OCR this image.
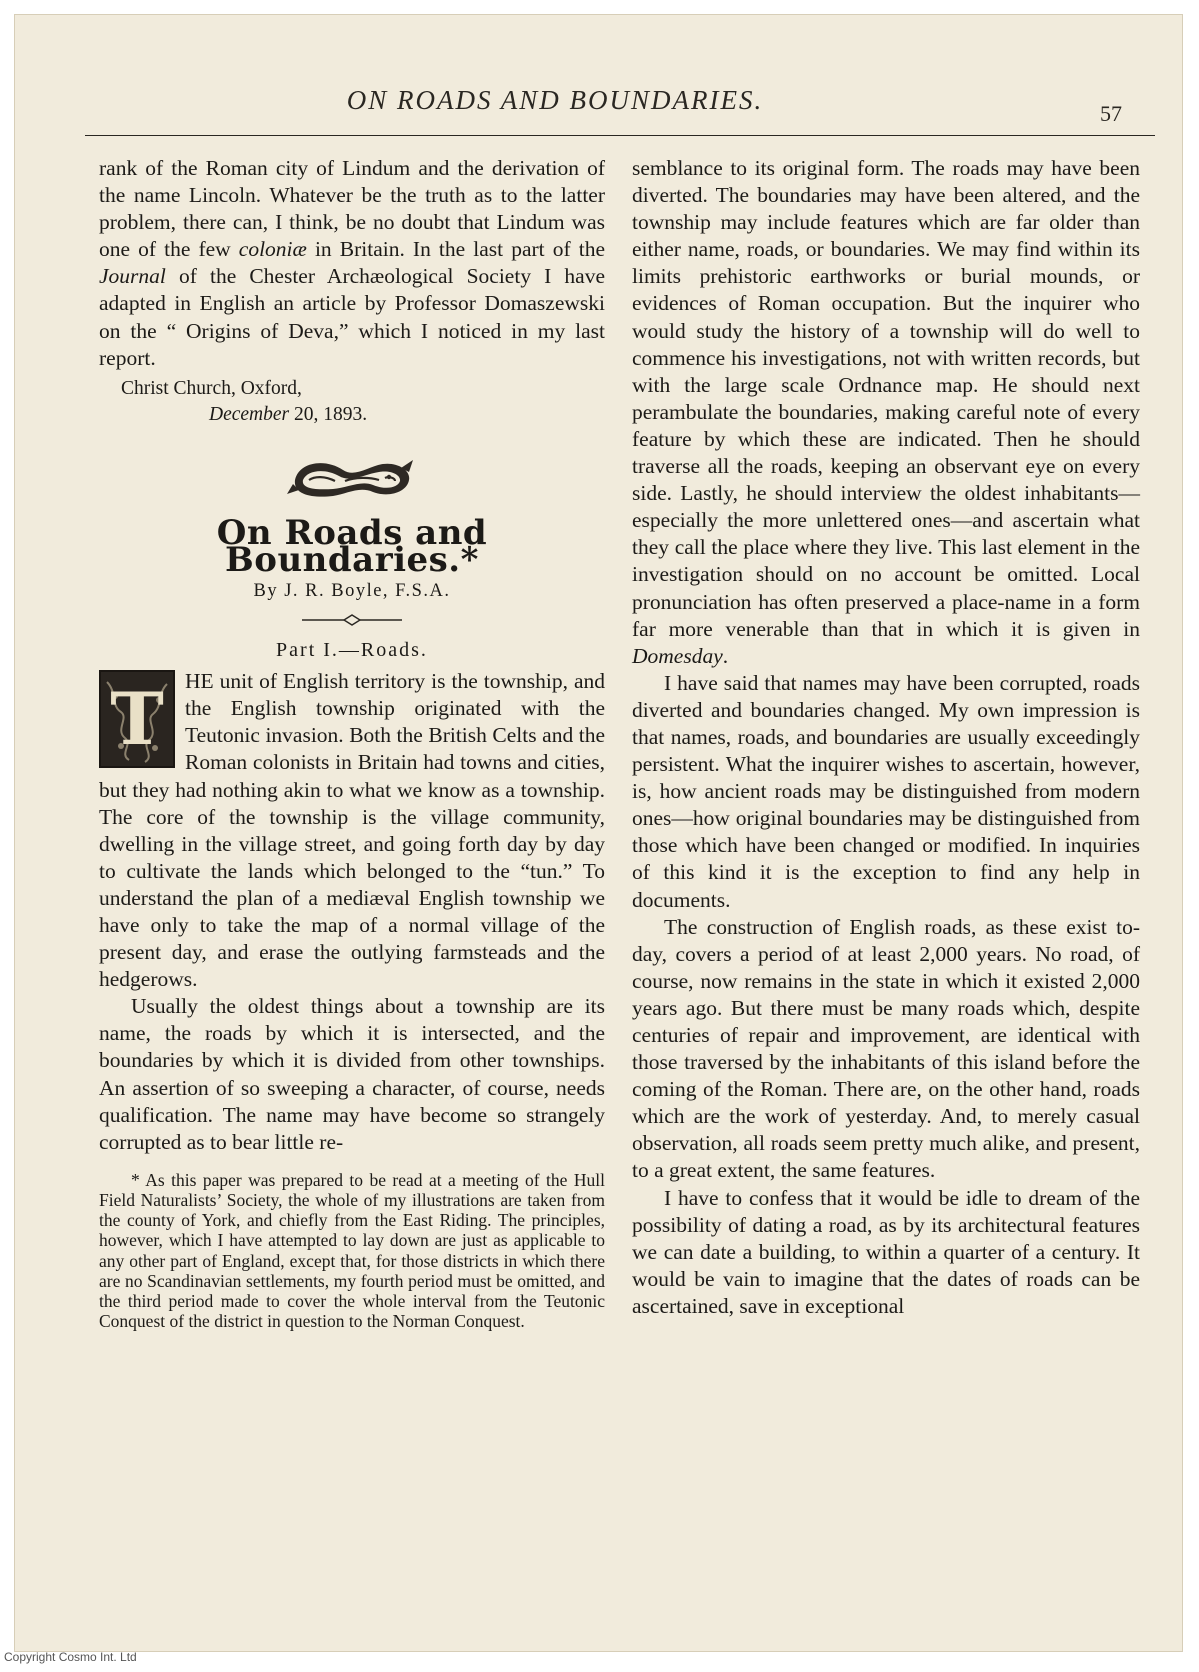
ON ROADS AND BOUNDARIES.	57

rank of the Roman city of Lindum and the derivation of the name Lincoln. Whatever be the truth as to the latter problem, there can, I think, be no doubt that Lindum was one of the few coloniæ in Britain. In the last part of the Journal of the Chester Archæological Society I have adapted in English an article by Professor Domaszewski on the “ Origins of Deva,” which I noticed in my last report.

Christ Church, Oxford,
December 20, 1893.

On Roads and Boundaries.*

By J. R. Boyle, F.S.A.

Part I.—Roads.

T HE unit of English territory is the township, and the English township originated with the Teutonic invasion. Both the British Celts and the Roman colonists in Britain had towns and cities, but they had nothing akin to what we know as a township. The core of the township is the village community, dwelling in the village street, and going forth day by day to cultivate the lands which belonged to the “tun.” To understand the plan of a mediæval English township we have only to take the map of a normal village of the present day, and erase the outlying farmsteads and the hedgerows.

Usually the oldest things about a township are its name, the roads by which it is intersected, and the boundaries by which it is divided from other townships. An assertion of so sweeping a character, of course, needs qualification. The name may have become so strangely corrupted as to bear little re-

* As this paper was prepared to be read at a meeting of the Hull Field Naturalists’ Society, the whole of my illustrations are taken from the county of York, and chiefly from the East Riding. The principles, however, which I have attempted to lay down are just as applicable to any other part of England, except that, for those districts in which there are no Scandinavian settlements, my fourth period must be omitted, and the third period made to cover the whole interval from the Teutonic Conquest of the district in question to the Norman Conquest.

semblance to its original form. The roads may have been diverted. The boundaries may have been altered, and the township may include features which are far older than either name, roads, or boundaries. We may find within its limits prehistoric earthworks or burial mounds, or evidences of Roman occupation. But the inquirer who would study the history of a township will do well to commence his investigations, not with written records, but with the large scale Ordnance map. He should next perambulate the boundaries, making careful note of every feature by which these are indicated. Then he should traverse all the roads, keeping an observant eye on every side. Lastly, he should interview the oldest inhabitants—especially the more unlettered ones—and ascertain what they call the place where they live. This last element in the investigation should on no account be omitted. Local pronunciation has often preserved a place-name in a form far more venerable than that in which it is given in Domesday.

I have said that names may have been corrupted, roads diverted and boundaries changed. My own impression is that names, roads, and boundaries are usually exceedingly persistent. What the inquirer wishes to ascertain, however, is, how ancient roads may be distinguished from modern ones—how original boundaries may be distinguished from those which have been changed or modified. In inquiries of this kind it is the exception to find any help in documents.

The construction of English roads, as these exist to-day, covers a period of at least 2,000 years. No road, of course, now remains in the state in which it existed 2,000 years ago. But there must be many roads which, despite centuries of repair and improvement, are identical with those traversed by the inhabitants of this island before the coming of the Roman. There are, on the other hand, roads which are the work of yesterday. And, to merely casual observation, all roads seem pretty much alike, and present, to a great extent, the same features.

I have to confess that it would be idle to dream of the possibility of dating a road, as by its architectural features we can date a building, to within a quarter of a century. It would be vain to imagine that the dates of roads can be ascertained, save in exceptional

Copyright Cosmo Int. Ltd
